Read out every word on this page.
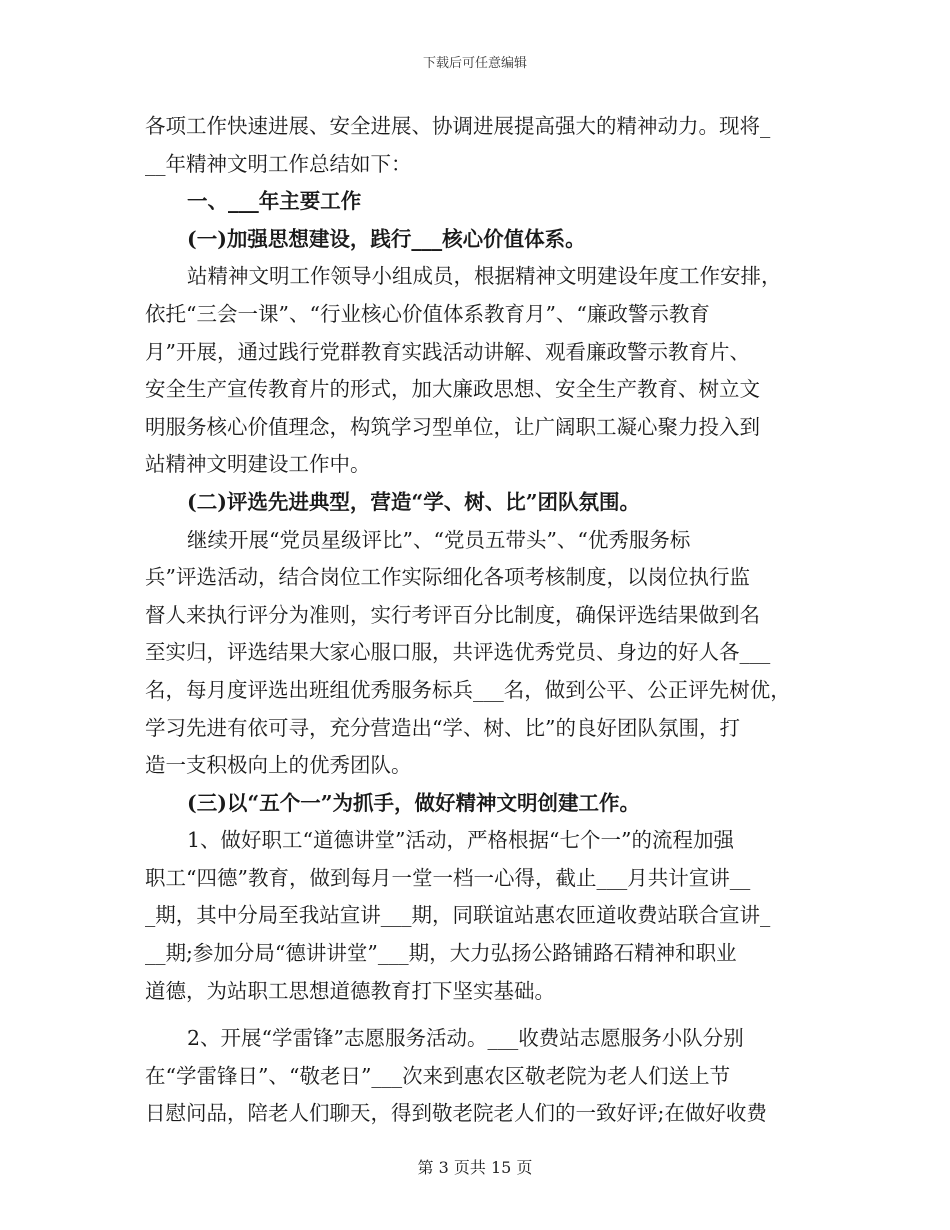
下载后可任意编辑
各项工作快速进展、安全进展、协调进展提高强大的精神动力。现将_
__年精神文明工作总结如下：
一、___年主要工作
(一)加强思想建设，践行___核心价值体系。
站精神文明工作领导小组成员，根据精神文明建设年度工作安排，
依托“三会一课”、“行业核心价值体系教育月”、“廉政警示教育
月”开展，通过践行党群教育实践活动讲解、观看廉政警示教育片、
安全生产宣传教育片的形式，加大廉政思想、安全生产教育、树立文
明服务核心价值理念，构筑学习型单位，让广阔职工凝心聚力投入到
站精神文明建设工作中。
(二)评选先进典型，营造“学、树、比”团队氛围。
继续开展“党员星级评比”、“党员五带头”、“优秀服务标
兵”评选活动，结合岗位工作实际细化各项考核制度，以岗位执行监
督人来执行评分为准则，实行考评百分比制度，确保评选结果做到名
至实归，评选结果大家心服口服，共评选优秀党员、身边的好人各___
名，每月度评选出班组优秀服务标兵___名，做到公平、公正评先树优，
学习先进有依可寻，充分营造出“学、树、比”的良好团队氛围，打
造一支积极向上的优秀团队。
(三)以“五个一”为抓手，做好精神文明创建工作。
1、做好职工“道德讲堂”活动，严格根据“七个一”的流程加强
职工“四德”教育，做到每月一堂一档一心得，截止___月共计宣讲__
_期，其中分局至我站宣讲___期，同联谊站惠农匝道收费站联合宣讲_
__期;参加分局“德讲讲堂”___期，大力弘扬公路铺路石精神和职业
道德，为站职工思想道德教育打下坚实基础。
2、开展“学雷锋”志愿服务活动。___收费站志愿服务小队分别
在“学雷锋日”、“敬老日”___次来到惠农区敬老院为老人们送上节
日慰问品，陪老人们聊天，得到敬老院老人们的一致好评;在做好收费
第 3 页共 15 页
